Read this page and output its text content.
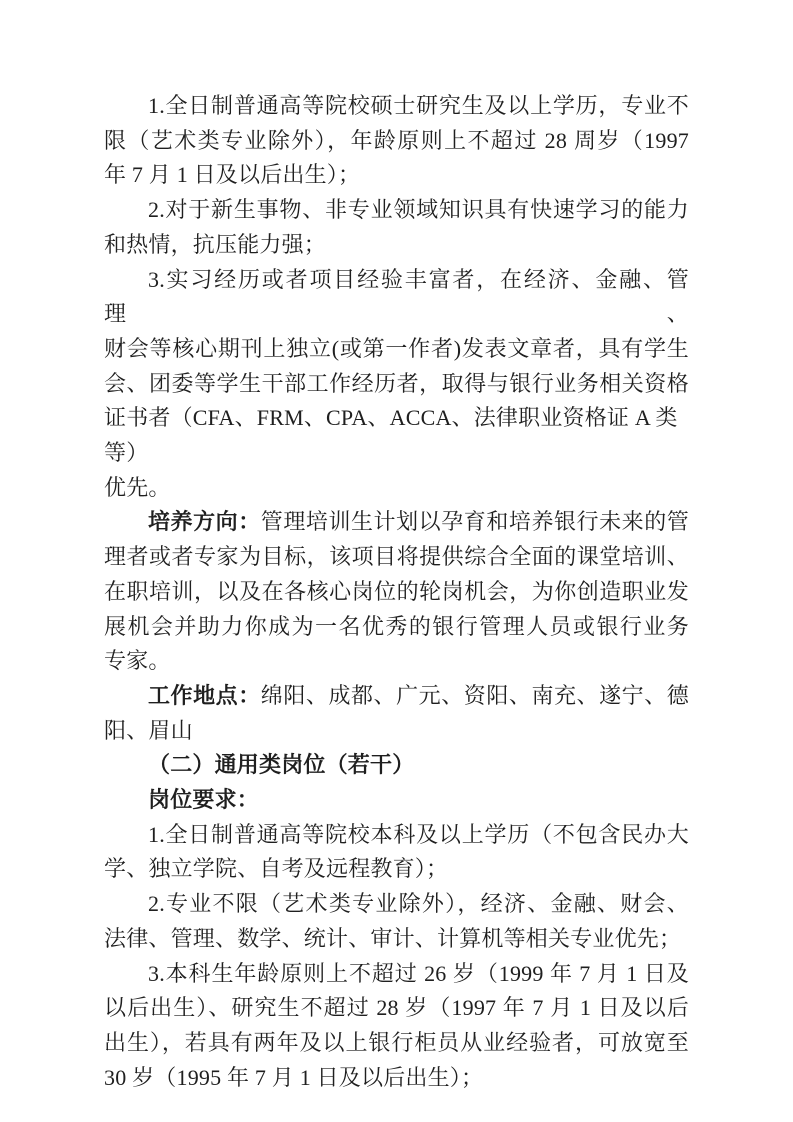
1.全日制普通高等院校硕士研究生及以上学历，专业不
限（艺术类专业除外），年龄原则上不超过 28 周岁（1997
年 7 月 1 日及以后出生）；
2.对于新生事物、非专业领域知识具有快速学习的能力
和热情，抗压能力强；
3.实习经历或者项目经验丰富者，在经济、金融、管理、
财会等核心期刊上独立(或第一作者)发表文章者，具有学生
会、团委等学生干部工作经历者，取得与银行业务相关资格
证书者（CFA、FRM、CPA、ACCA、法律职业资格证 A 类等）
优先。
培养方向：管理培训生计划以孕育和培养银行未来的管
理者或者专家为目标，该项目将提供综合全面的课堂培训、
在职培训，以及在各核心岗位的轮岗机会，为你创造职业发
展机会并助力你成为一名优秀的银行管理人员或银行业务
专家。
工作地点：绵阳、成都、广元、资阳、南充、遂宁、德
阳、眉山
（二）通用类岗位（若干）
岗位要求：
1.全日制普通高等院校本科及以上学历（不包含民办大
学、独立学院、自考及远程教育）；
2.专业不限（艺术类专业除外），经济、金融、财会、
法律、管理、数学、统计、审计、计算机等相关专业优先；
3.本科生年龄原则上不超过 26 岁（1999 年 7 月 1 日及
以后出生）、研究生不超过 28 岁（1997 年 7 月 1 日及以后
出生），若具有两年及以上银行柜员从业经验者，可放宽至
30 岁（1995 年 7 月 1 日及以后出生）；
